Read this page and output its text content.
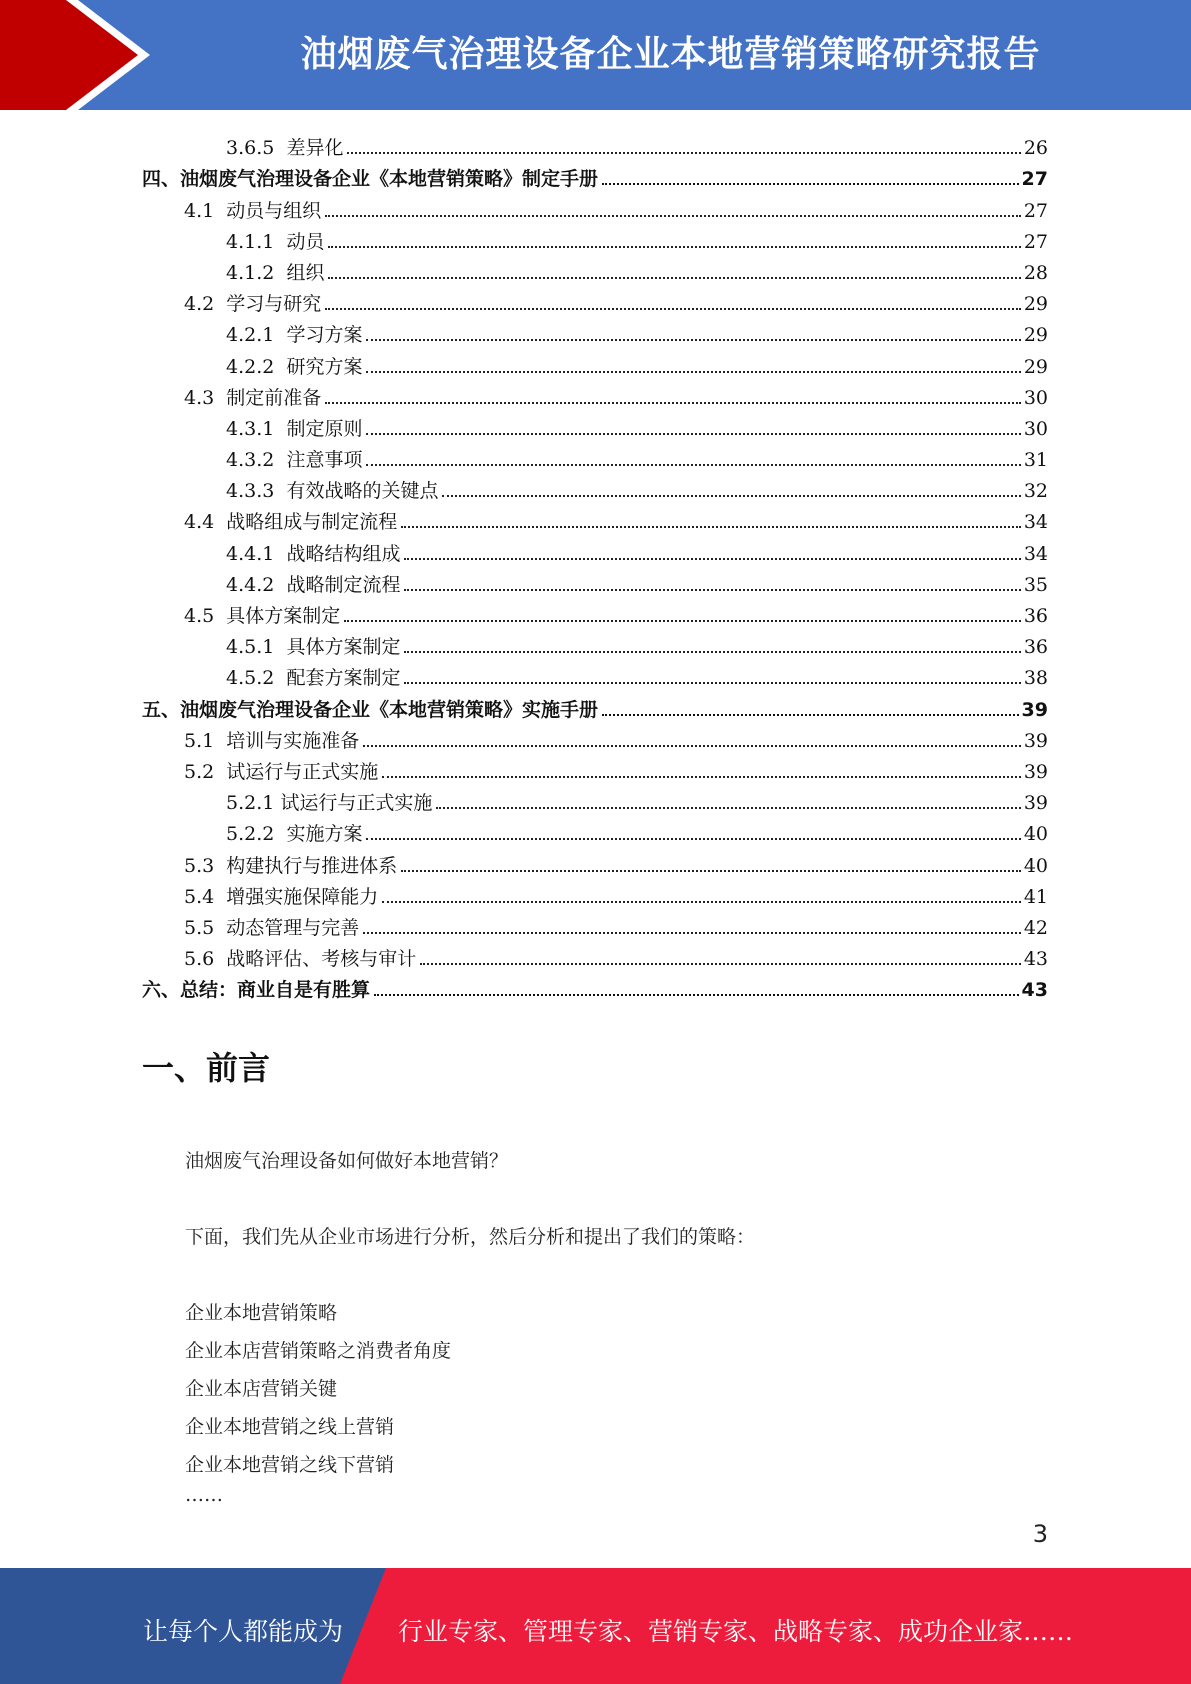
油烟废气治理设备企业本地营销策略研究报告
3.6.5 差异化	26
四、油烟废气治理设备企业《本地营销策略》制定手册	27
4.1 动员与组织	27
4.1.1 动员	27
4.1.2 组织	28
4.2 学习与研究	29
4.2.1 学习方案	29
4.2.2 研究方案	29
4.3 制定前准备	30
4.3.1 制定原则	30
4.3.2 注意事项	31
4.3.3 有效战略的关键点	32
4.4 战略组成与制定流程	34
4.4.1 战略结构组成	34
4.4.2 战略制定流程	35
4.5 具体方案制定	36
4.5.1 具体方案制定	36
4.5.2 配套方案制定	38
五、油烟废气治理设备企业《本地营销策略》实施手册	39
5.1 培训与实施准备	39
5.2 试运行与正式实施	39
5.2.1 试运行与正式实施	39
5.2.2 实施方案	40
5.3 构建执行与推进体系	40
5.4 增强实施保障能力	41
5.5 动态管理与完善	42
5.6 战略评估、考核与审计	43
六、总结：商业自是有胜算	43
一、前言
油烟废气治理设备如何做好本地营销？
下面，我们先从企业市场进行分析，然后分析和提出了我们的策略：
企业本地营销策略
企业本店营销策略之消费者角度
企业本店营销关键
企业本地营销之线上营销
企业本地营销之线下营销
……
3
让每个人都能成为 行业专家、管理专家、营销专家、战略专家、成功企业家……
